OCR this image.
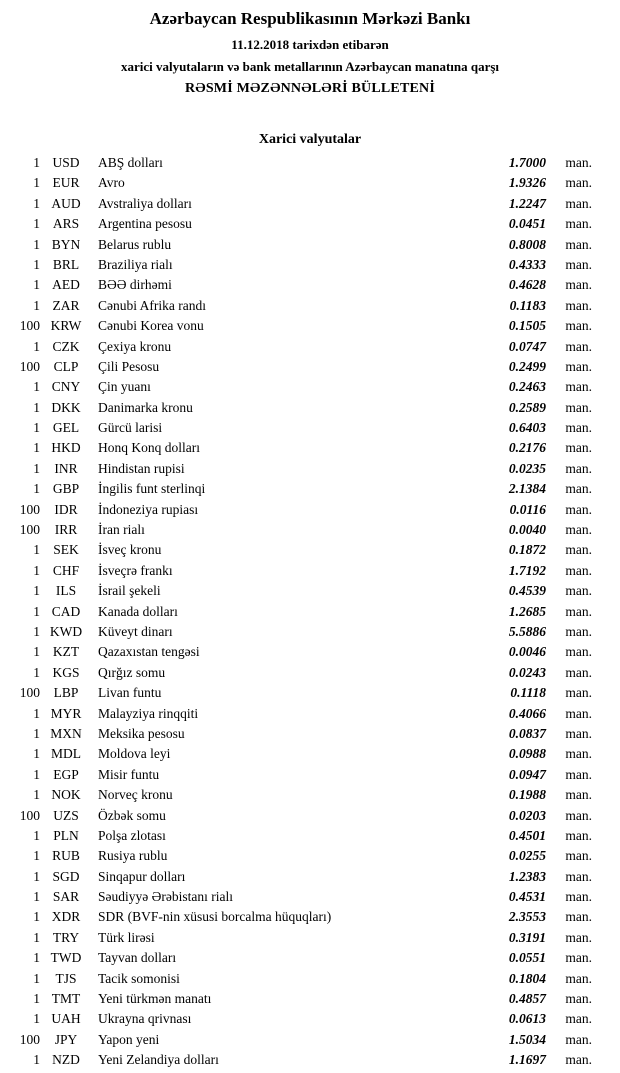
Azərbaycan Respublikasının Mərkəzi Bankı
11.12.2018 tarixdən etibarən
xarici valyutaların və bank metallarının Azərbaycan manatına qarşı
RƏSMİ MƏZƏNNƏLƏRİ BÜLLETENİ
Xarici valyutalar
1 USD	ABŞ dolları	1.7000	man.
1 EUR	Avro	1.9326	man.
1 AUD	Avstraliya dolları	1.2247	man.
1 ARS	Argentina pesosu	0.0451	man.
1 BYN	Belarus rublu	0.8008	man.
1 BRL	Braziliya rialı	0.4333	man.
1 AED	BƏƏ dirhəmi	0.4628	man.
1 ZAR	Cənubi Afrika randı	0.1183	man.
100 KRW	Cənubi Korea vonu	0.1505	man.
1 CZK	Çexiya kronu	0.0747	man.
100	CLP	Çili Pesosu	0.2499	man.
1 CNY	Çin yuanı	0.2463	man.
1 DKK	Danimarka kronu	0.2589	man.
1 GEL	Gürcü larisi	0.6403	man.
1 HKD	Honq Konq dolları	0.2176	man.
1	INR	Hindistan rupisi	0.0235	man.
1 GBP	İngilis funt sterlinqi	2.1384	man.
100	IDR	İndoneziya rupiası	0.0116	man.
100	IRR	İran rialı	0.0040	man.
1 SEK	İsveç kronu	0.1872	man.
1 CHF	İsveçrə frankı	1.7192	man.
1	ILS	İsrail şekeli	0.4539	man.
1 CAD	Kanada dolları	1.2685	man.
1 KWD	Küveyt dinarı	5.5886	man.
1 KZT	Qazaxıstan tengəsi	0.0046	man.
1 KGS	Qırğız somu	0.0243	man.
100	LBP	Livan funtu	0.1118	man.
1 MYR	Malayziya rinqqiti	0.4066	man.
1 MXN	Meksika pesosu	0.0837	man.
1 MDL	Moldova leyi	0.0988	man.
1 EGP	Misir funtu	0.0947	man.
1 NOK	Norveç kronu	0.1988	man.
100 UZS	Özbək somu	0.0203	man.
1 PLN	Polşa zlotası	0.4501	man.
1 RUB	Rusiya rublu	0.0255	man.
1 SGD	Sinqapur dolları	1.2383	man.
1 SAR	Səudiyyə Ərəbistanı rialı	0.4531	man.
1 XDR	SDR (BVF-nin xüsusi borcalma hüquqları)	2.3553	man.
1 TRY	Türk lirəsi	0.3191	man.
1 TWD	Tayvan dolları	0.0551	man.
1	TJS	Tacik somonisi	0.1804	man.
1 TMT	Yeni türkmən manatı	0.4857	man.
1 UAH	Ukrayna qrivnası	0.0613	man.
100	JPY	Yapon yeni	1.5034	man.
1 NZD	Yeni Zelandiya dolları	1.1697	man.
